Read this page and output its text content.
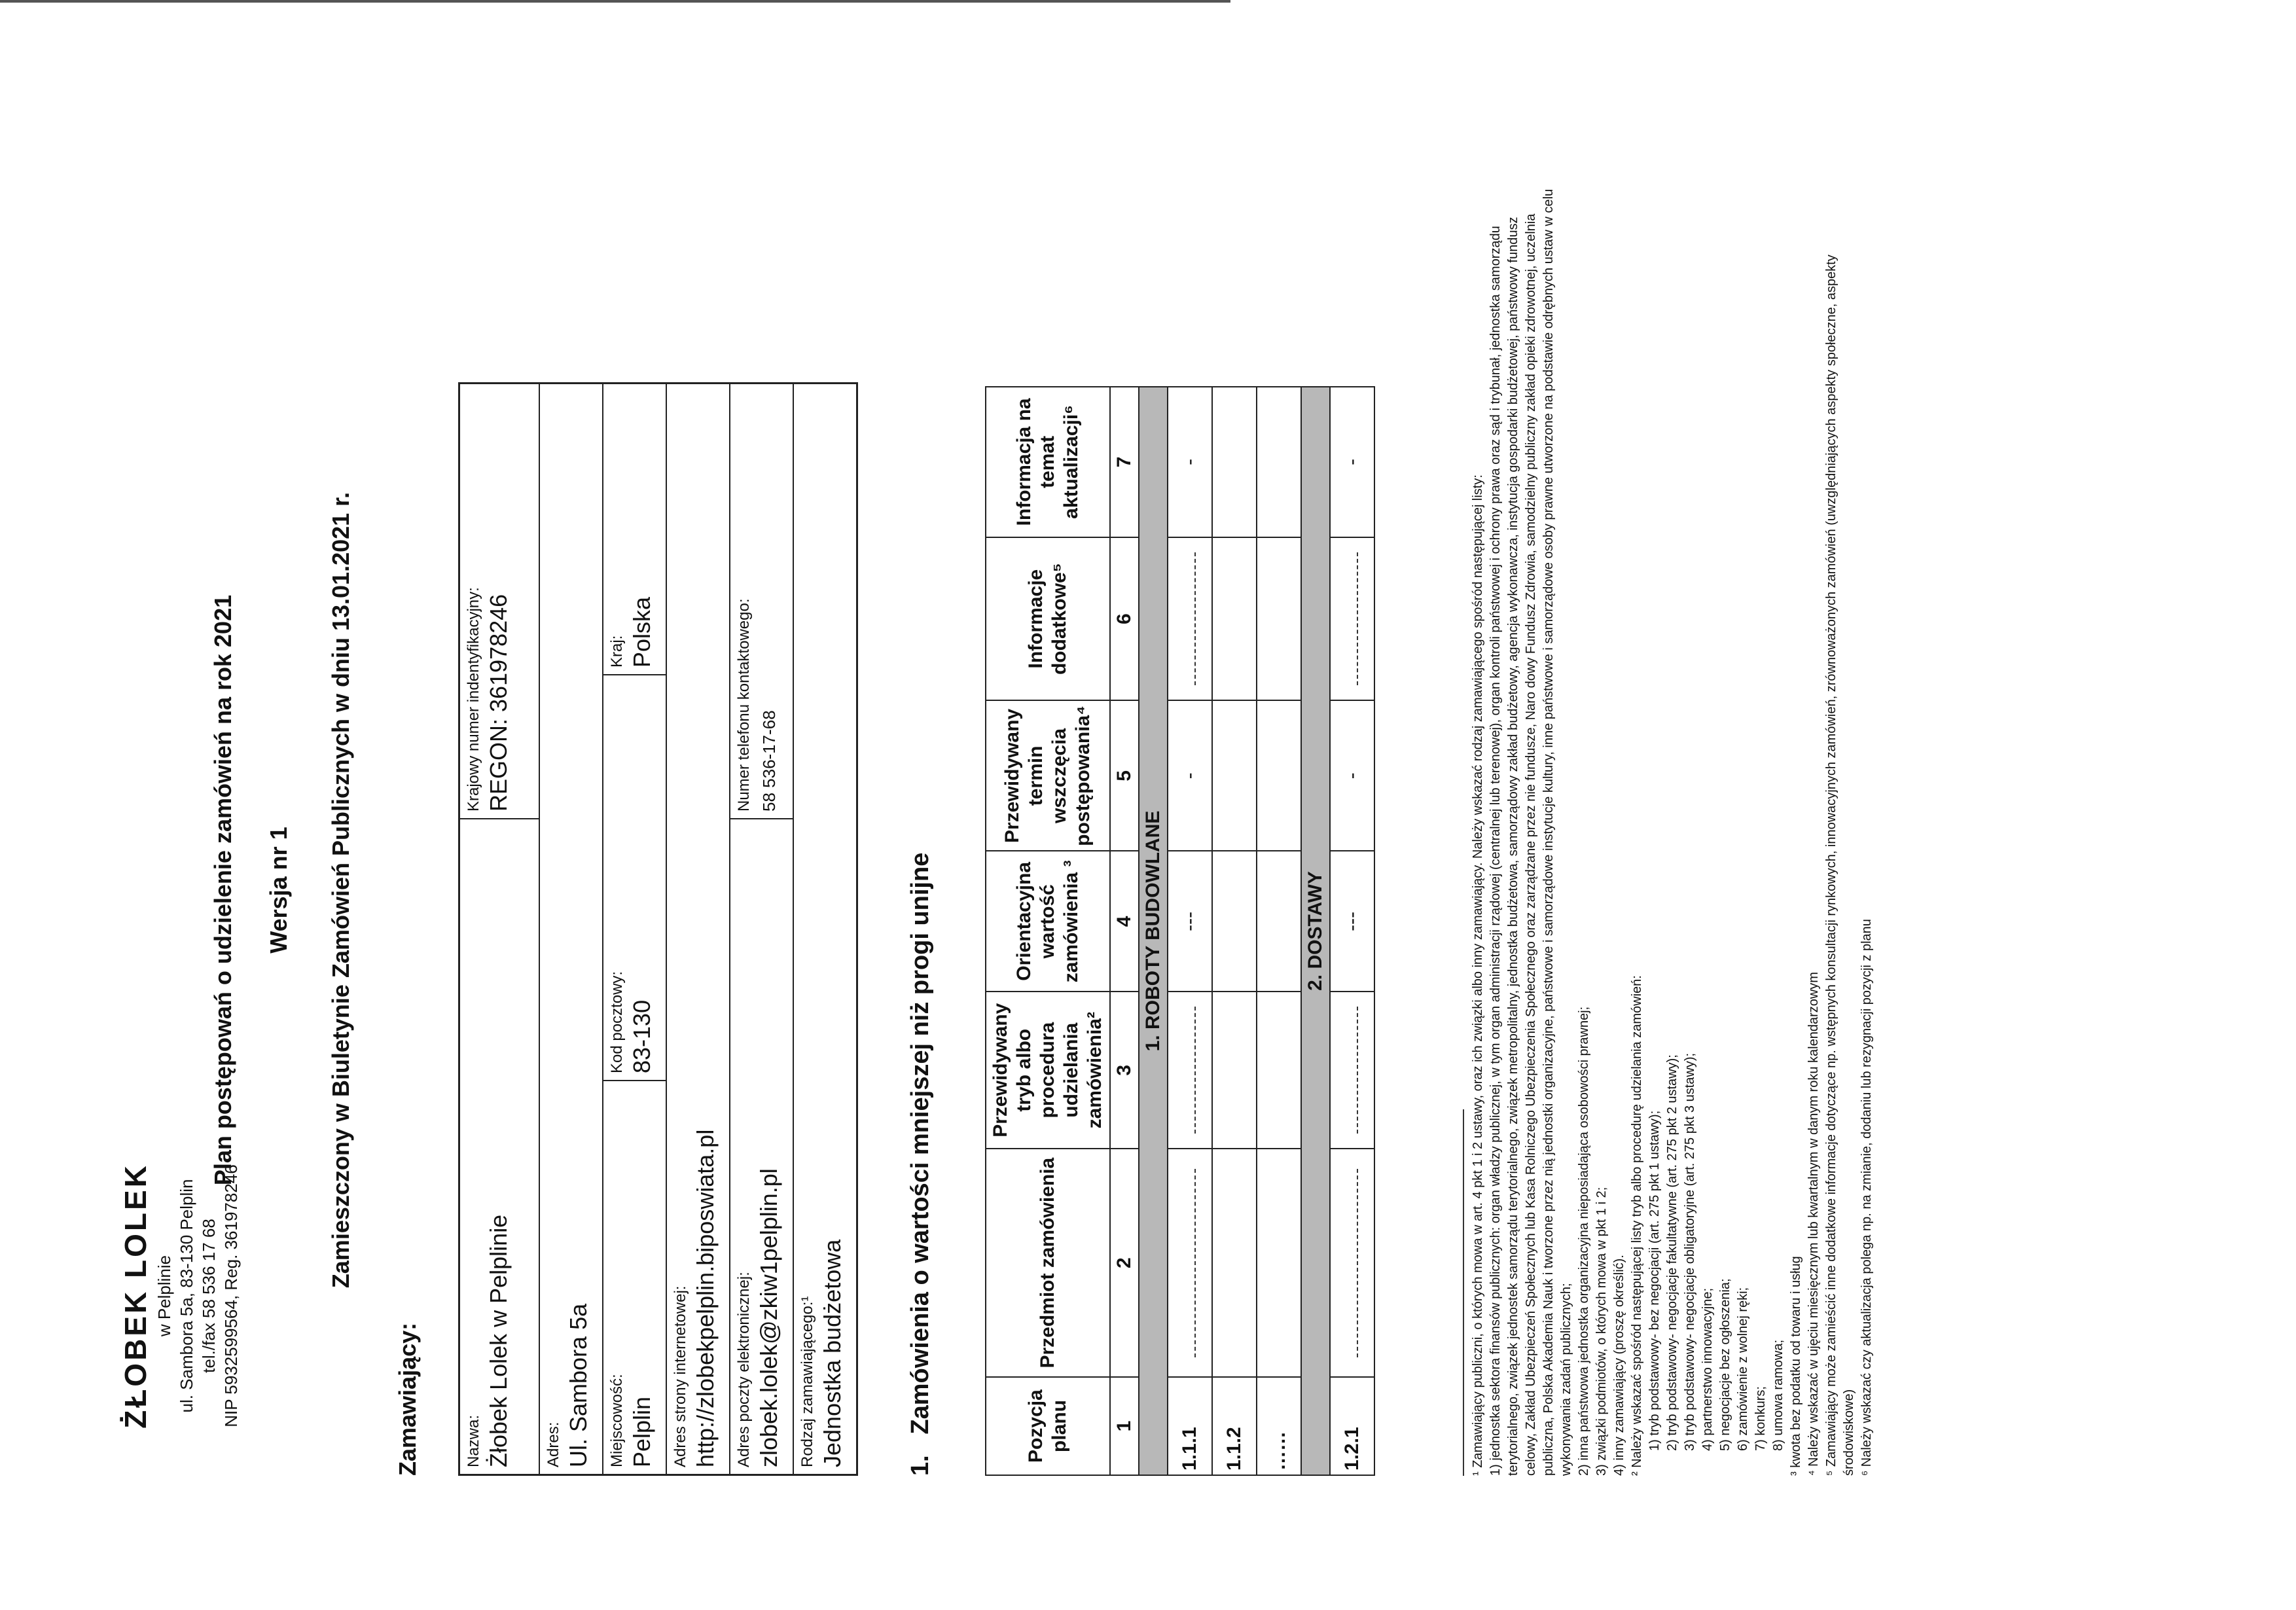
ŻŁOBEK LOLEK w Pelplinie ul. Sambora 5a, 83-130 Pelplin tel./fax 58 536 17 68 NIP 5932599564, Reg. 361978246
Plan postępowań o udzielenie zamówień na rok 2021 Wersja nr 1 Zamieszczony w Biuletynie Zamówień Publicznych w dniu 13.01.2021 r.
Zamawiający:	Nazwa: Żłobek Lolek w Pelplinie
Krajowy numer indentyfikacyjny: REGON: 361978246
Adres: Ul. Sambora 5a Miejscowość: Pelplin
Kod pocztowy: 83-130
Kraj: Polska
Adres strony internetowej: http://zlobekpelplin.biposwiata.pl Adres poczty elektronicznej: zlobek.lolek@zkiw1pelplin.pl
Numer telefonu kontaktowego: 58 536-17-68
Rodzaj zamawiającego:¹ Jednostka budżetowa 1.   Zamówienia o wartości mniejszej niż progi unijne	Pozycja planu	Przedmiot zamówienia	Przewidywany tryb albo procedura udzielania zamówienia²	Orientacyjna wartość zamówienia ³	Przewidywany termin wszczęcia postępowania⁴	Informacje dodatkowe⁵	Informacja na temat aktualizacji⁶
1	2	3	4	5	6	7
1. ROBOTY BUDOWLANE						
1.1.1			---	-		-
1.1.2						
……						
2. DOSTAWY						
1.2.1			---	-		-

¹ Zamawiający publiczni, o których mowa w art. 4 pkt 1 i 2 ustawy, oraz ich związki albo inny zamawiający. Należy wskazać rodzaj zamawiającego spośród następującej listy: 1) jednostka sektora finansów publicznych: organ władzy publicznej, w tym organ administracji rządowej (centralnej lub terenowej), organ kontroli państwowej i ochrony prawa oraz sąd i trybunał, jednostka samorządu terytorialnego, związek jednostek samorządu terytorialnego, związek metropolitalny, jednostka budżetowa, samorządowy zakład budżetowy, agencja wykonawcza, instytucja gospodarki budżetowej, państwowy fundusz celowy, Zakład Ubezpieczeń Społecznych lub Kasa Rolniczego Ubezpieczenia Społecznego oraz zarządzane przez nie fundusze, Naro dowy Fundusz Zdrowia, samodzielny publiczny zakład opieki zdrowotnej, uczelnia publiczna, Polska Akademia Nauk i tworzone przez nią jednostki organizacyjne, państwowe i samorządowe instytucje kultury, inne państwowe i samorządowe osoby prawne utworzone na podstawie odrębnych ustaw w celu wykonywania zadań publicznych; 2) inna państwowa jednostka organizacyjna nieposiadająca osobowości prawnej; 3) związki podmiotów, o których mowa w pkt 1 i 2; 4) inny zamawiający (proszę określić). ² Należy wskazać spośród następującej listy tryb albo procedurę udzielania zamówień: 1) tryb podstawowy- bez negocjacji (art. 275 pkt 1 ustawy); 2) tryb podstawowy- negocjacje fakultatywne (art. 275 pkt 2 ustawy); 3) tryb podstawowy- negocjacje obligatoryjne (art. 275 pkt 3 ustawy); 4) partnerstwo innowacyjne; 5) negocjacje bez ogłoszenia; 6) zamówienie z wolnej ręki; 7) konkurs; 8) umowa ramowa; ³ kwota bez podatku od towaru i usług ⁴ Należy wskazać w ujęciu miesięcznym lub kwartalnym w danym roku kalendarzowym ⁵ Zamawiający może zamieścić inne dodatkowe informacje dotyczące np. wstępnych konsultacji rynkowych, innowacyjnych zamówień, zrównoważonych zamówień (uwzględniających aspekty społeczne, aspekty środowiskowe) ⁶ Należy wskazać czy aktualizacja polega np. na zmianie, dodaniu lub rezygnacji pozycji z planu
